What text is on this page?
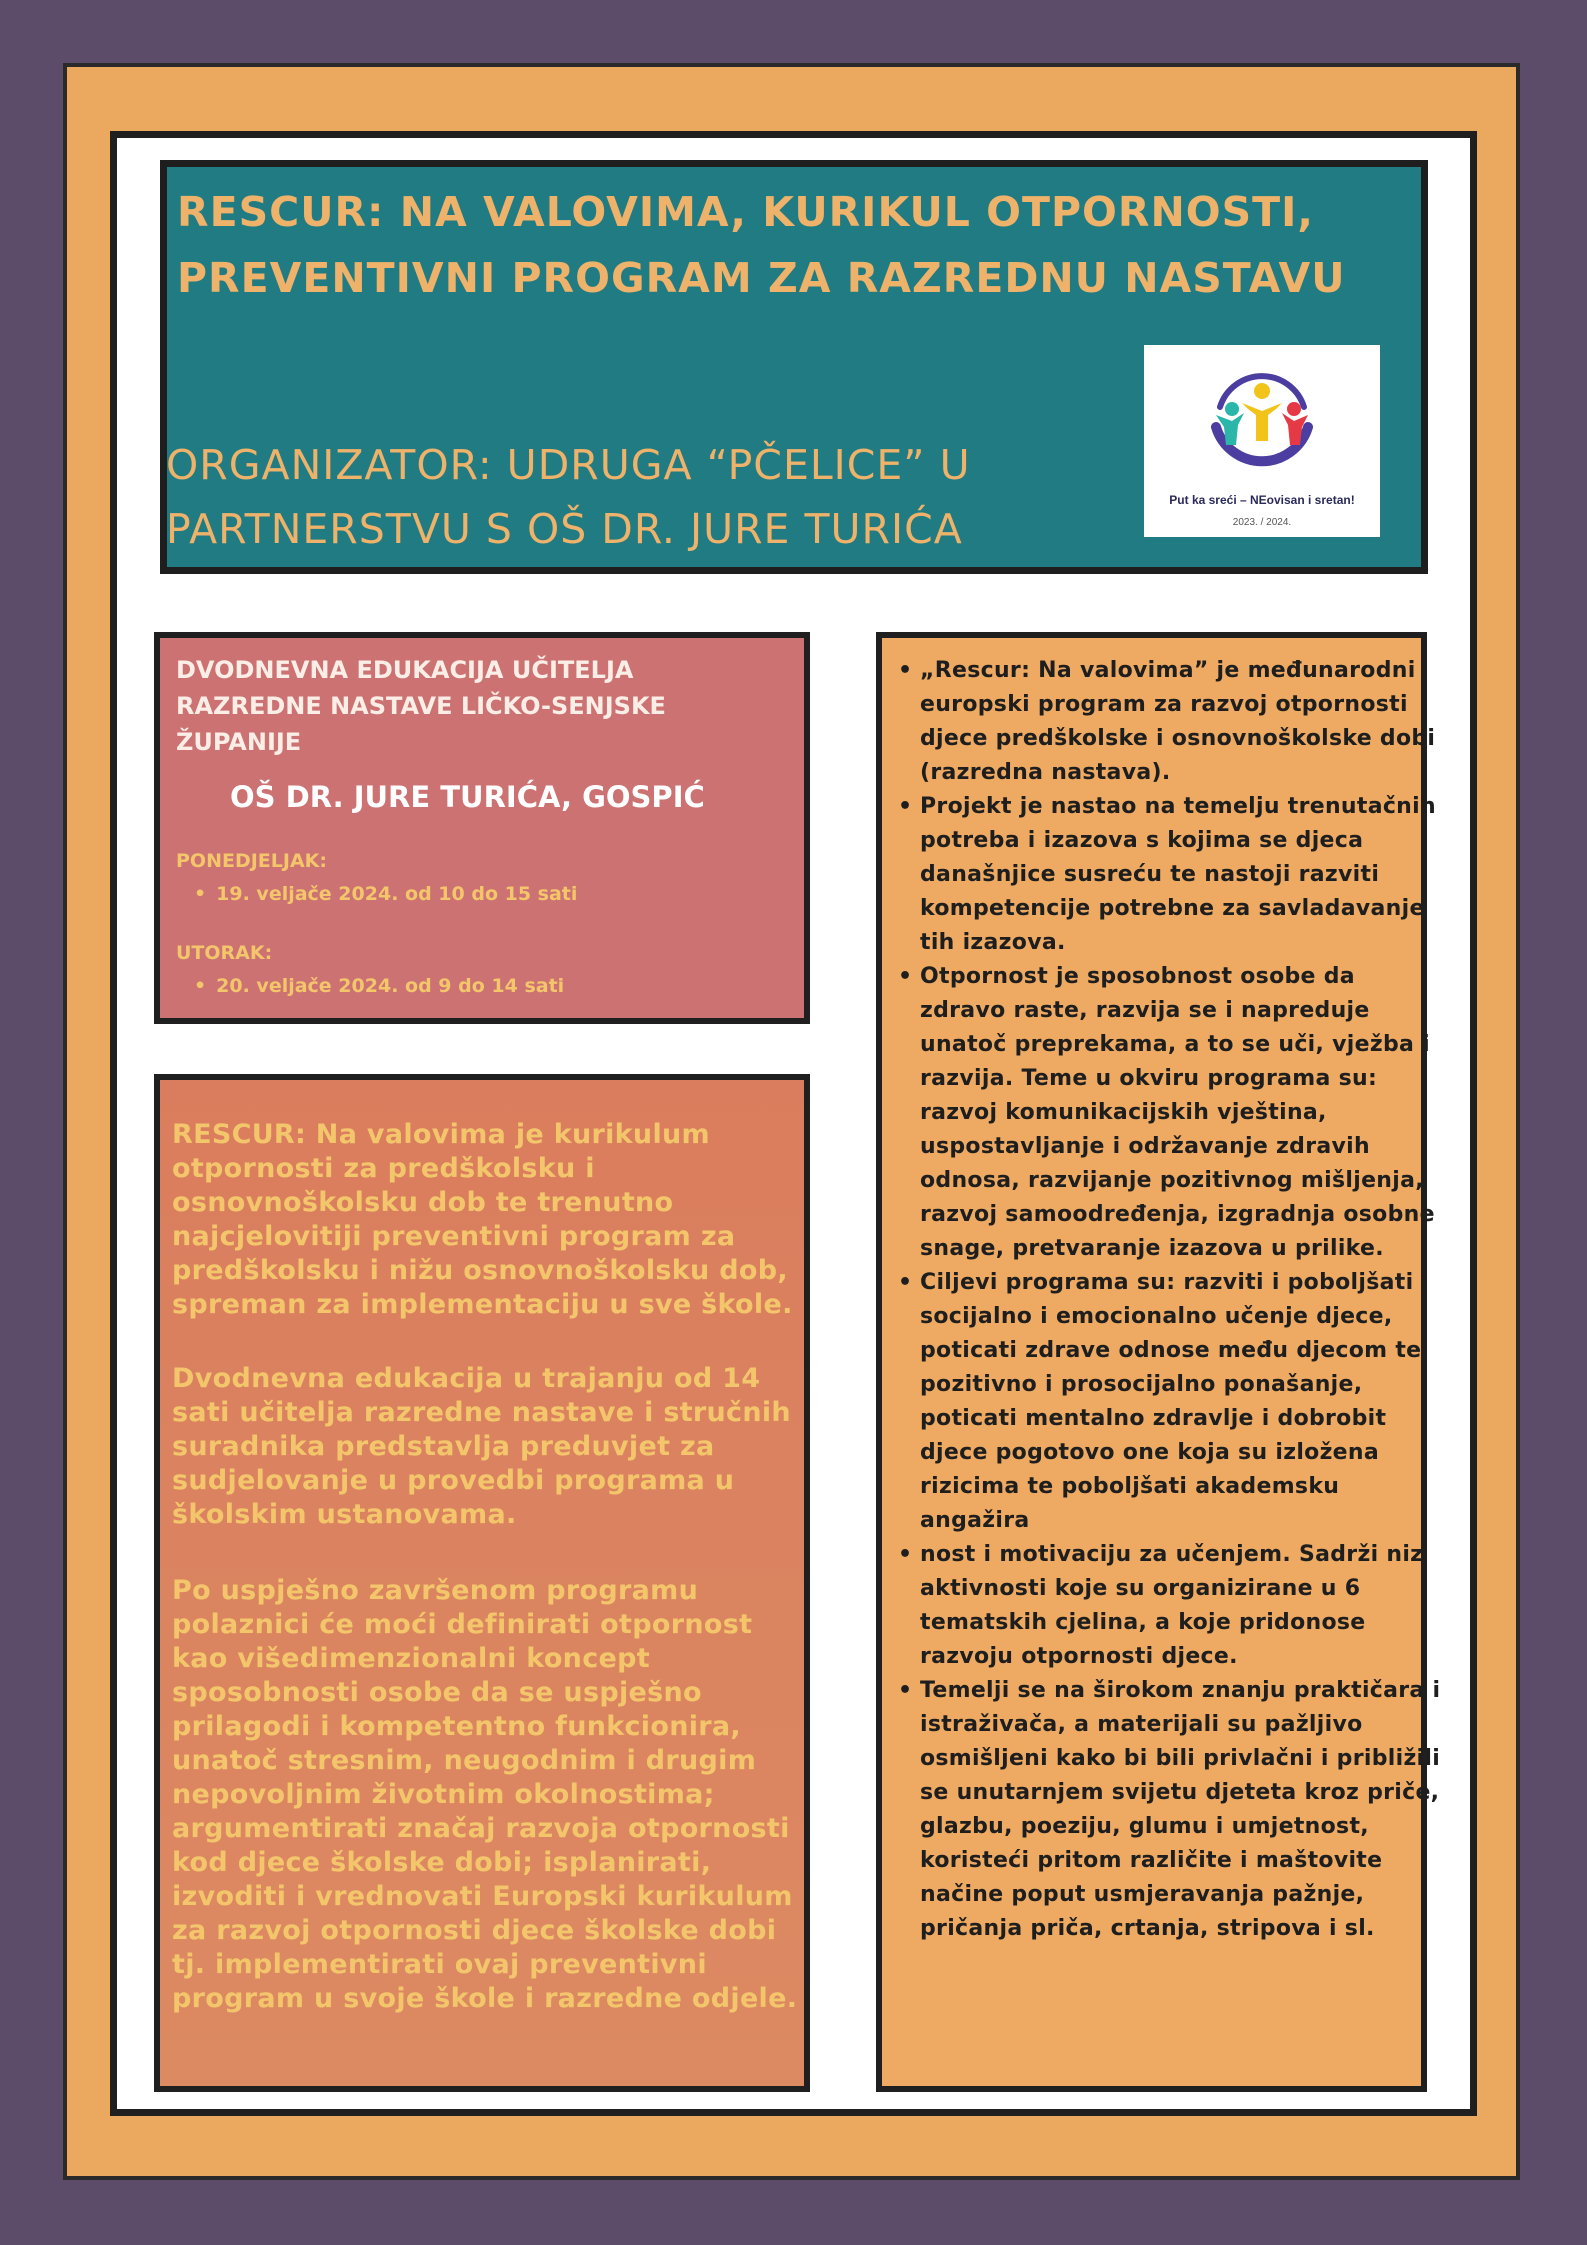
RESCUR: NA VALOVIMA, KURIKUL OTPORNOSTI, PREVENTIVNI PROGRAM ZA RAZREDNU NASTAVU

ORGANIZATOR: UDRUGA “PČELICE” U PARTNERSTVU S OŠ DR. JURE TURIĆA

Put ka sreći – NEovisan i sretan!
2023. / 2024.

DVODNEVNA EDUKACIJA UČITELJA RAZREDNE NASTAVE LIČKO-SENJSKE ŽUPANIJE

OŠ DR. JURE TURIĆA, GOSPIĆ

PONEDJELJAK:
• 19. veljače 2024. od 10 do 15 sati
UTORAK:
• 20. veljače 2024. od 9 do 14 sati

RESCUR: Na valovima je kurikulum otpornosti za predškolsku i osnovnoškolsku dob te trenutno najcjelovitiji preventivni program za predškolsku i nižu osnovnoškolsku dob, spreman za implementaciju u sve škole.

Dvodnevna edukacija u trajanju od 14 sati učitelja razredne nastave i stručnih suradnika predstavlja preduvjet za sudjelovanje u provedbi programa u školskim ustanovama.

Po uspješno završenom programu polaznici će moći definirati otpornost kao višedimenzionalni koncept sposobnosti osobe da se uspješno prilagodi i kompetentno funkcionira, unatoč stresnim, neugodnim i drugim nepovoljnim životnim okolnostima; argumentirati značaj razvoja otpornosti kod djece školske dobi; isplanirati, izvoditi i vrednovati Europski kurikulum za razvoj otpornosti djece školske dobi tj. implementirati ovaj preventivni program u svoje škole i razredne odjele.

• „Rescur: Na valovima” je međunarodni europski program za razvoj otpornosti djece predškolske i osnovnoškolske dobi (razredna nastava).
• Projekt je nastao na temelju trenutačnih potreba i izazova s kojima se djeca današnjice susreću te nastoji razviti kompetencije potrebne za savladavanje tih izazova.
• Otpornost je sposobnost osobe da zdravo raste, razvija se i napreduje unatoč preprekama, a to se uči, vježba i razvija. Teme u okviru programa su: razvoj komunikacijskih vještina, uspostavljanje i održavanje zdravih odnosa, razvijanje pozitivnog mišljenja, razvoj samoodređenja, izgradnja osobne snage, pretvaranje izazova u prilike.
• Ciljevi programa su: razviti i poboljšati socijalno i emocionalno učenje djece, poticati zdrave odnose među djecom te pozitivno i prosocijalno ponašanje, poticati mentalno zdravlje i dobrobit djece pogotovo one koja su izložena rizicima te poboljšati akademsku angažira
• nost i motivaciju za učenjem. Sadrži niz aktivnosti koje su organizirane u 6 tematskih cjelina, a koje pridonose razvoju otpornosti djece.
• Temelji se na širokom znanju praktičara i istraživača, a materijali su pažljivo osmišljeni kako bi bili privlačni i približili se unutarnjem svijetu djeteta kroz priče, glazbu, poeziju, glumu i umjetnost, koristeći pritom različite i maštovite načine poput usmjeravanja pažnje, pričanja priča, crtanja, stripova i sl.
